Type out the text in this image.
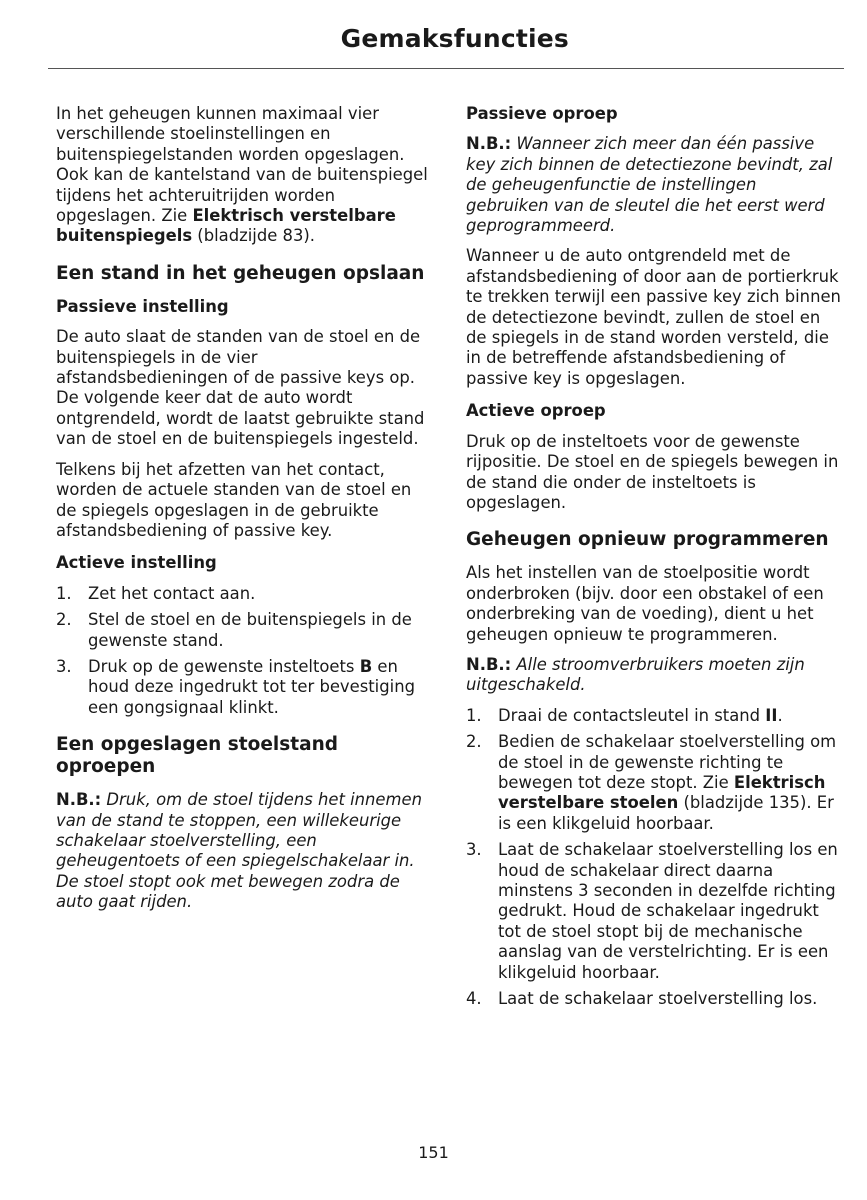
Gemaksfuncties

In het geheugen kunnen maximaal vier verschillende stoelinstellingen en buitenspiegelstanden worden opgeslagen. Ook kan de kantelstand van de buitenspiegel tijdens het achteruitrijden worden opgeslagen. Zie Elektrisch verstelbare buitenspiegels (bladzijde 83).

Een stand in het geheugen opslaan
Passieve instelling

De auto slaat de standen van de stoel en de buitenspiegels in de vier afstandsbedieningen of de passive keys op. De volgende keer dat de auto wordt ontgrendeld, wordt de laatst gebruikte stand van de stoel en de buitenspiegels ingesteld.

Telkens bij het afzetten van het contact, worden de actuele standen van de stoel en de spiegels opgeslagen in de gebruikte afstandsbediening of passive key.

Actieve instelling
1. Zet het contact aan.
2. Stel de stoel en de buitenspiegels in de gewenste stand.
3. Druk op de gewenste insteltoets B en houd deze ingedrukt tot ter bevestiging een gongsignaal klinkt.
Een opgeslagen stoelstand oproepen

N.B.: Druk, om de stoel tijdens het innemen van de stand te stoppen, een willekeurige schakelaar stoelverstelling, een geheugentoets of een spiegelschakelaar in. De stoel stopt ook met bewegen zodra de auto gaat rijden.

Passieve oproep

N.B.: Wanneer zich meer dan één passive key zich binnen de detectiezone bevindt, zal de geheugenfunctie de instellingen gebruiken van de sleutel die het eerst werd geprogrammeerd.

Wanneer u de auto ontgrendeld met de afstandsbediening of door aan de portierkruk te trekken terwijl een passive key zich binnen de detectiezone bevindt, zullen de stoel en de spiegels in de stand worden versteld, die in de betreffende afstandsbediening of passive key is opgeslagen.

Actieve oproep

Druk op de insteltoets voor de gewenste rijpositie. De stoel en de spiegels bewegen in de stand die onder de insteltoets is opgeslagen.

Geheugen opnieuw programmeren

Als het instellen van de stoelpositie wordt onderbroken (bijv. door een obstakel of een onderbreking van de voeding), dient u het geheugen opnieuw te programmeren.

N.B.: Alle stroomverbruikers moeten zijn uitgeschakeld.

1. Draai de contactsleutel in stand II.
2. Bedien de schakelaar stoelverstelling om de stoel in de gewenste richting te bewegen tot deze stopt. Zie Elektrisch verstelbare stoelen (bladzijde 135). Er is een klikgeluid hoorbaar.
3. Laat de schakelaar stoelverstelling los en houd de schakelaar direct daarna minstens 3 seconden in dezelfde richting gedrukt. Houd de schakelaar ingedrukt tot de stoel stopt bij de mechanische aanslag van de verstelrichting. Er is een klikgeluid hoorbaar.
4. Laat de schakelaar stoelverstelling los.
151
